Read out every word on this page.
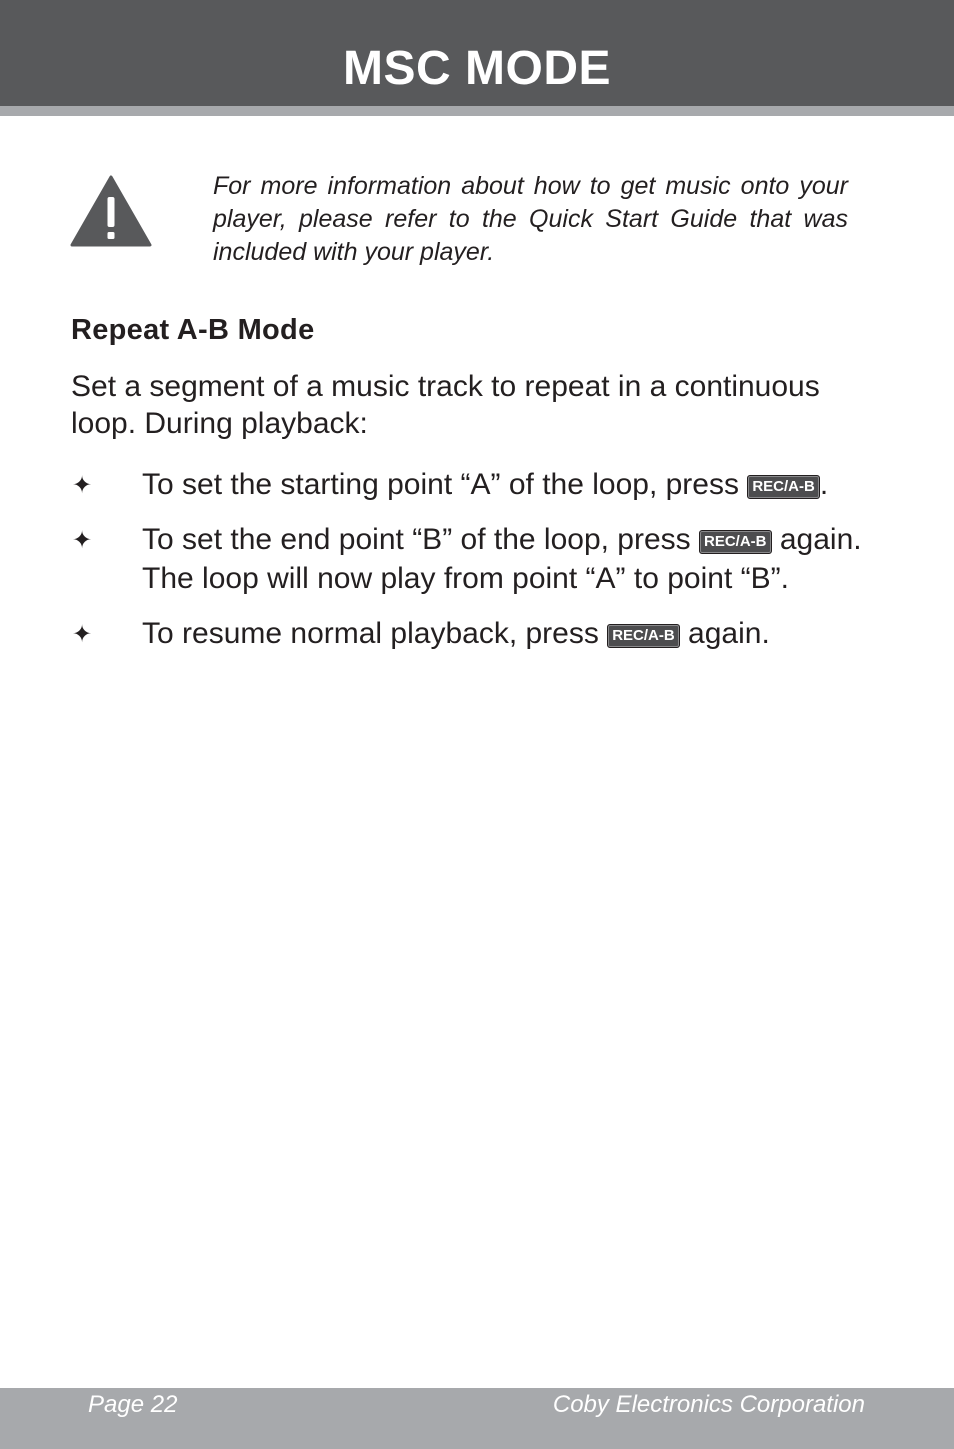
MSC MODE
For more information about how to get music onto your player, please refer to the Quick Start Guide that was included with your player.
Repeat A-B Mode
Set a segment of a music track to repeat in a continuous loop. During playback:
✦ To set the starting point “A” of the loop, press REC/A-B .
✦ To set the end point “B” of the loop, press REC/A-B again.
The loop will now play from point “A” to point “B”.
✦ To resume normal playback, press REC/A-B again.
Page 22	Coby Electronics Corporation
